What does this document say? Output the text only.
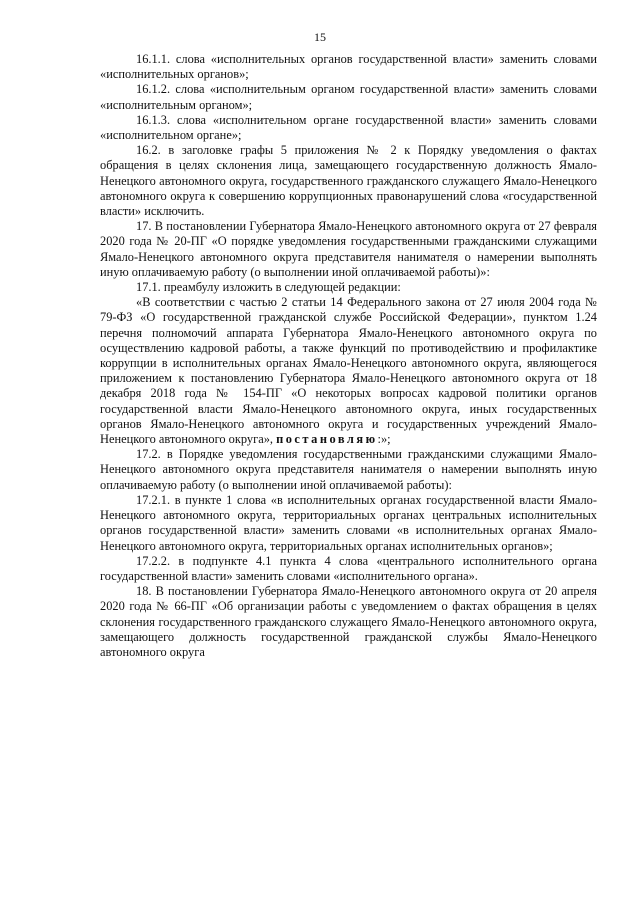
15

16.1.1. слова «исполнительных органов государственной власти» заменить словами «исполнительных органов»;

16.1.2. слова «исполнительным органом государственной власти» заменить словами «исполнительным органом»;

16.1.3. слова «исполнительном органе государственной власти» заменить словами «исполнительном органе»;

16.2. в заголовке графы 5 приложения № 2 к Порядку уведомления о фактах обращения в целях склонения лица, замещающего государственную должность Ямало-Ненецкого автономного округа, государственного гражданского служащего Ямало-Ненецкого автономного округа к совершению коррупционных правонарушений слова «государственной власти» исключить.

17. В постановлении Губернатора Ямало-Ненецкого автономного округа от 27 февраля 2020 года № 20-ПГ «О порядке уведомления государственными гражданскими служащими Ямало-Ненецкого автономного округа представителя нанимателя о намерении выполнять иную оплачиваемую работу (о выполнении иной оплачиваемой работы)»:

17.1. преамбулу изложить в следующей редакции:

«В соответствии с частью 2 статьи 14 Федерального закона от 27 июля 2004 года № 79-ФЗ «О государственной гражданской службе Российской Федерации», пунктом 1.24 перечня полномочий аппарата Губернатора Ямало-Ненецкого автономного округа по осуществлению кадровой работы, а также функций по противодействию и профилактике коррупции в исполнительных органах Ямало-Ненецкого автономного округа, являющегося приложением к постановлению Губернатора Ямало-Ненецкого автономного округа от 18 декабря 2018 года № 154-ПГ «О некоторых вопросах кадровой политики органов государственной власти Ямало-Ненецкого автономного округа, иных государственных органов Ямало-Ненецкого автономного округа и государственных учреждений Ямало-Ненецкого автономного округа», постановляю:»;

17.2. в Порядке уведомления государственными гражданскими служащими Ямало-Ненецкого автономного округа представителя нанимателя о намерении выполнять иную оплачиваемую работу (о выполнении иной оплачиваемой работы):

17.2.1. в пункте 1 слова «в исполнительных органах государственной власти Ямало-Ненецкого автономного округа, территориальных органах центральных исполнительных органов государственной власти» заменить словами «в исполнительных органах Ямало-Ненецкого автономного округа, территориальных органах исполнительных органов»;

17.2.2. в подпункте 4.1 пункта 4 слова «центрального исполнительного органа государственной власти» заменить словами «исполнительного органа».

18. В постановлении Губернатора Ямало-Ненецкого автономного округа от 20 апреля 2020 года № 66-ПГ «Об организации работы с уведомлением о фактах обращения в целях склонения государственного гражданского служащего Ямало-Ненецкого автономного округа, замещающего должность государственной гражданской службы Ямало-Ненецкого автономного округа
